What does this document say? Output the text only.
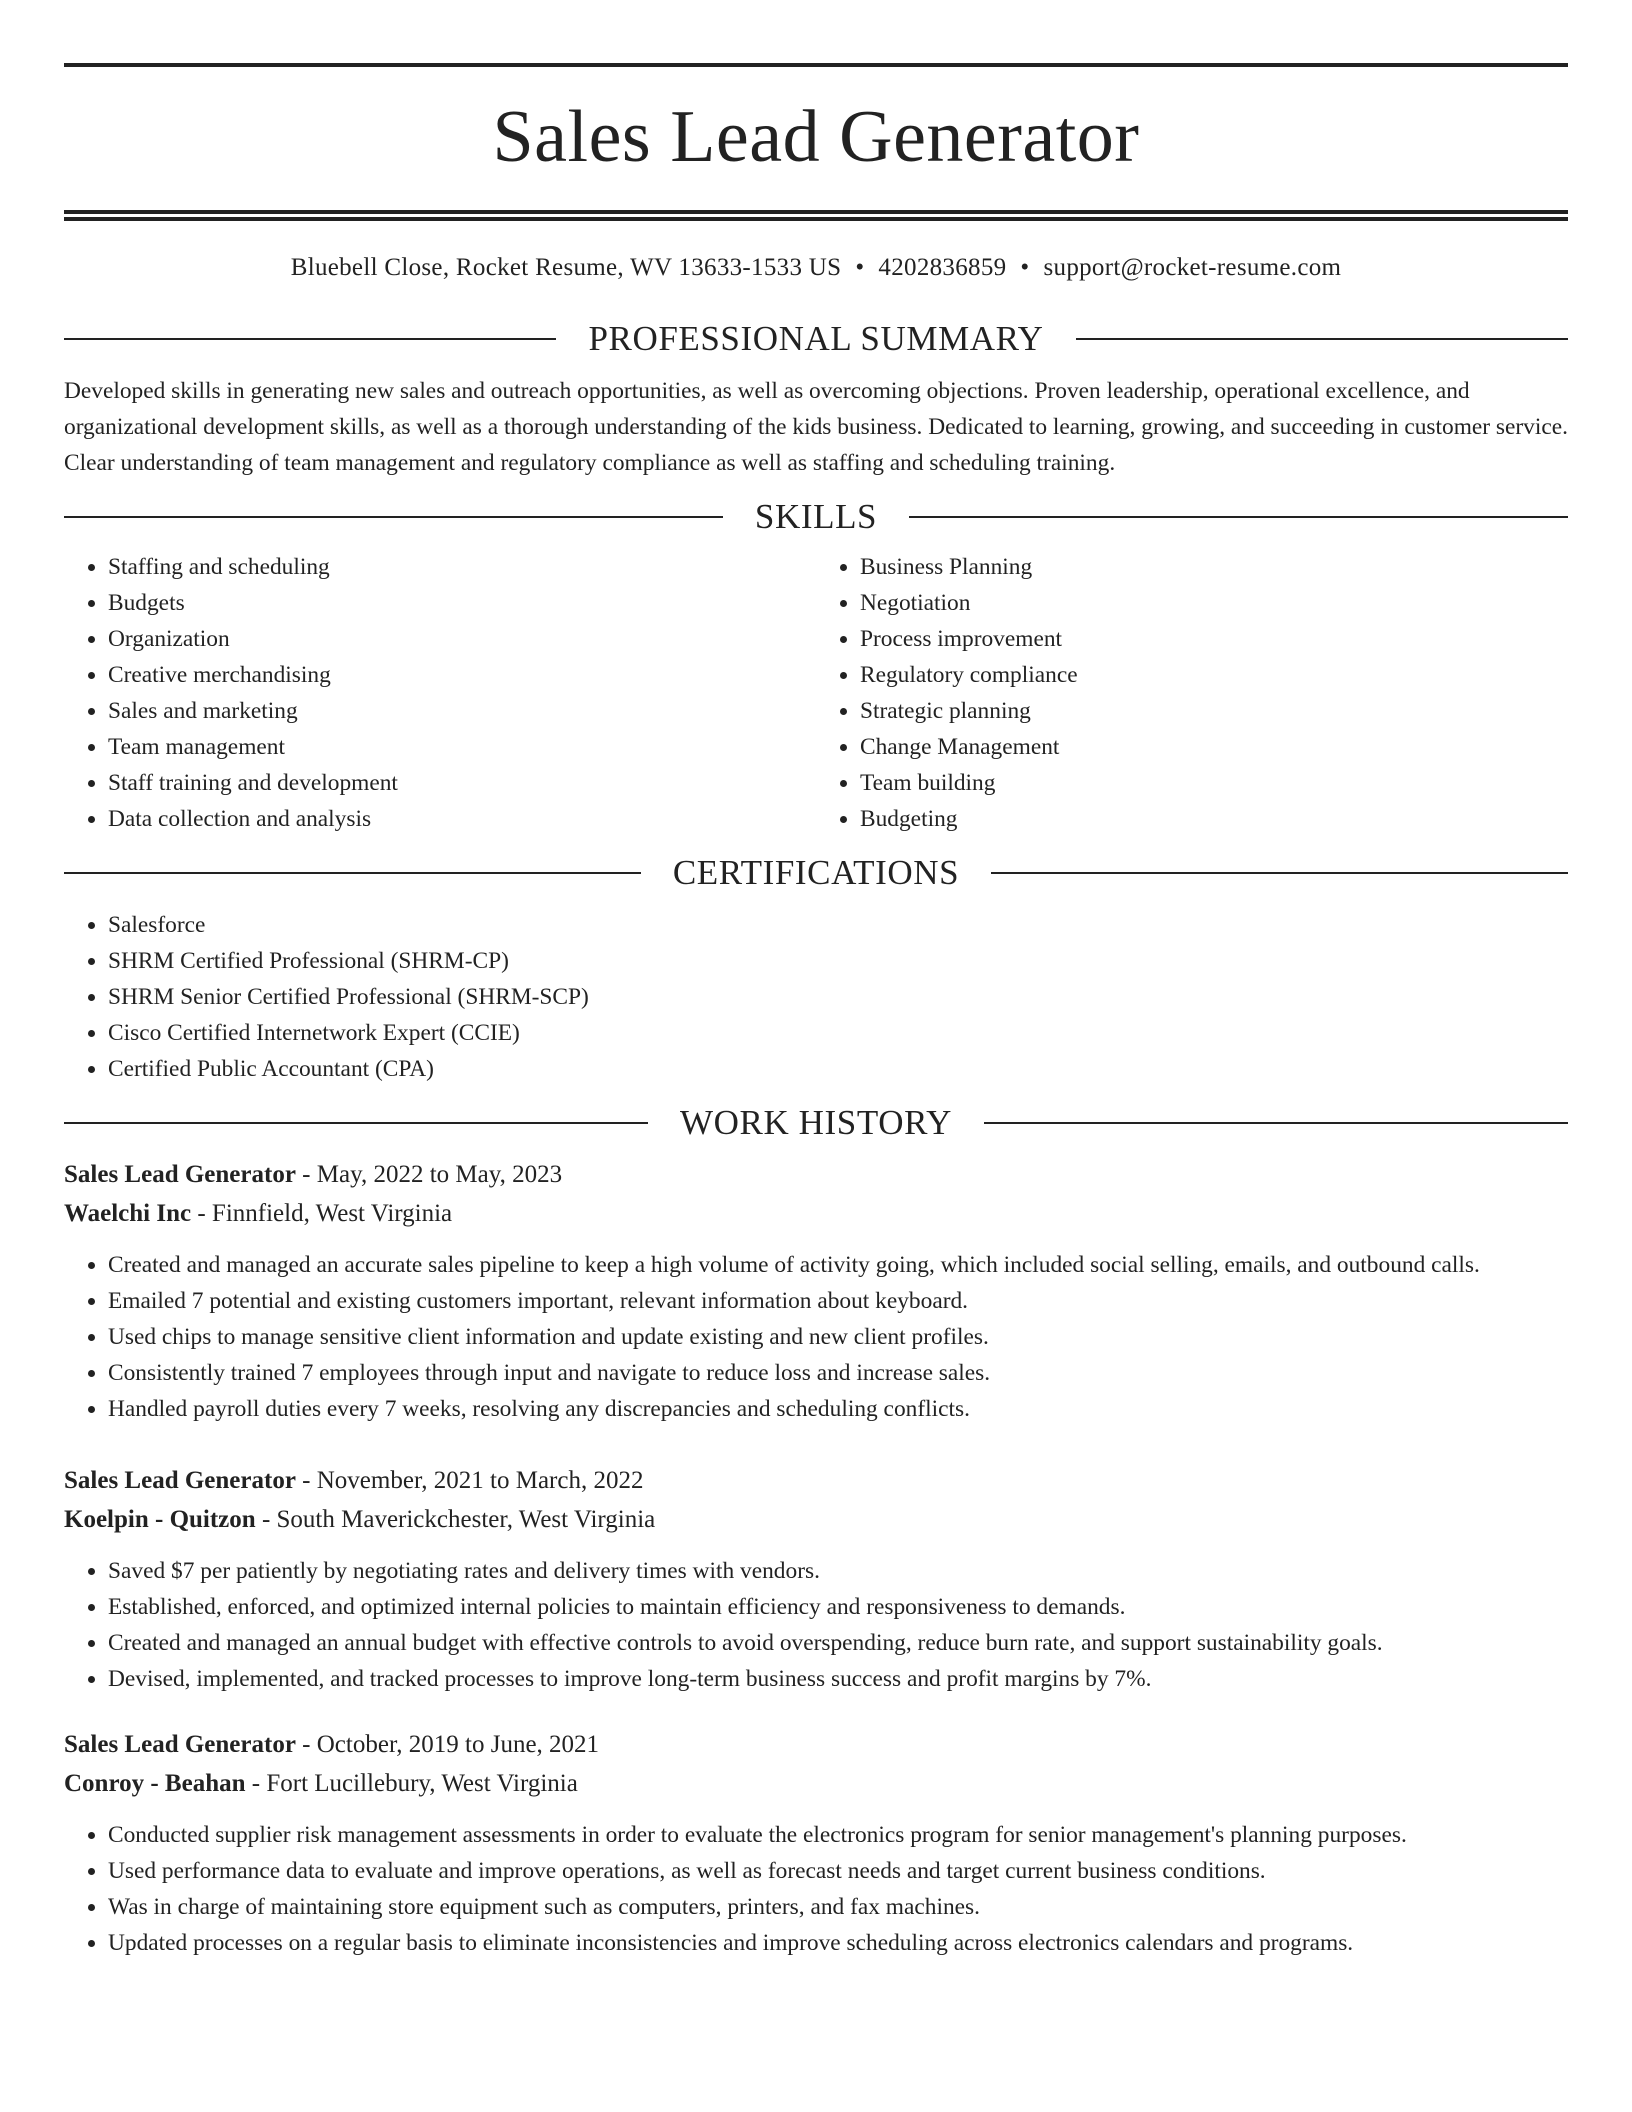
Sales Lead Generator
Bluebell Close, Rocket Resume, WV 13633-1533 US • 4202836859 • support@rocket-resume.com
PROFESSIONAL SUMMARY

Developed skills in generating new sales and outreach opportunities, as well as overcoming objections. Proven leadership, operational excellence, and organizational development skills, as well as a thorough understanding of the kids business. Dedicated to learning, growing, and succeeding in customer service. Clear understanding of team management and regulatory compliance as well as staffing and scheduling training.

SKILLS
• Staffing and scheduling
• Budgets
• Organization
• Creative merchandising
• Sales and marketing
• Team management
• Staff training and development
• Data collection and analysis
• Business Planning
• Negotiation
• Process improvement
• Regulatory compliance
• Strategic planning
• Change Management
• Team building
• Budgeting
CERTIFICATIONS
• Salesforce
• SHRM Certified Professional (SHRM-CP)
• SHRM Senior Certified Professional (SHRM-SCP)
• Cisco Certified Internetwork Expert (CCIE)
• Certified Public Accountant (CPA)
WORK HISTORY
Sales Lead Generator - May, 2022 to May, 2023
Waelchi Inc - Finnfield, West Virginia
• Created and managed an accurate sales pipeline to keep a high volume of activity going, which included social selling, emails, and outbound calls.
• Emailed 7 potential and existing customers important, relevant information about keyboard.
• Used chips to manage sensitive client information and update existing and new client profiles.
• Consistently trained 7 employees through input and navigate to reduce loss and increase sales.
• Handled payroll duties every 7 weeks, resolving any discrepancies and scheduling conflicts.
Sales Lead Generator - November, 2021 to March, 2022
Koelpin - Quitzon - South Maverickchester, West Virginia
• Saved $7 per patiently by negotiating rates and delivery times with vendors.
• Established, enforced, and optimized internal policies to maintain efficiency and responsiveness to demands.
• Created and managed an annual budget with effective controls to avoid overspending, reduce burn rate, and support sustainability goals.
• Devised, implemented, and tracked processes to improve long-term business success and profit margins by 7%.
Sales Lead Generator - October, 2019 to June, 2021
Conroy - Beahan - Fort Lucillebury, West Virginia
• Conducted supplier risk management assessments in order to evaluate the electronics program for senior management's planning purposes.
• Used performance data to evaluate and improve operations, as well as forecast needs and target current business conditions.
• Was in charge of maintaining store equipment such as computers, printers, and fax machines.
• Updated processes on a regular basis to eliminate inconsistencies and improve scheduling across electronics calendars and programs.
